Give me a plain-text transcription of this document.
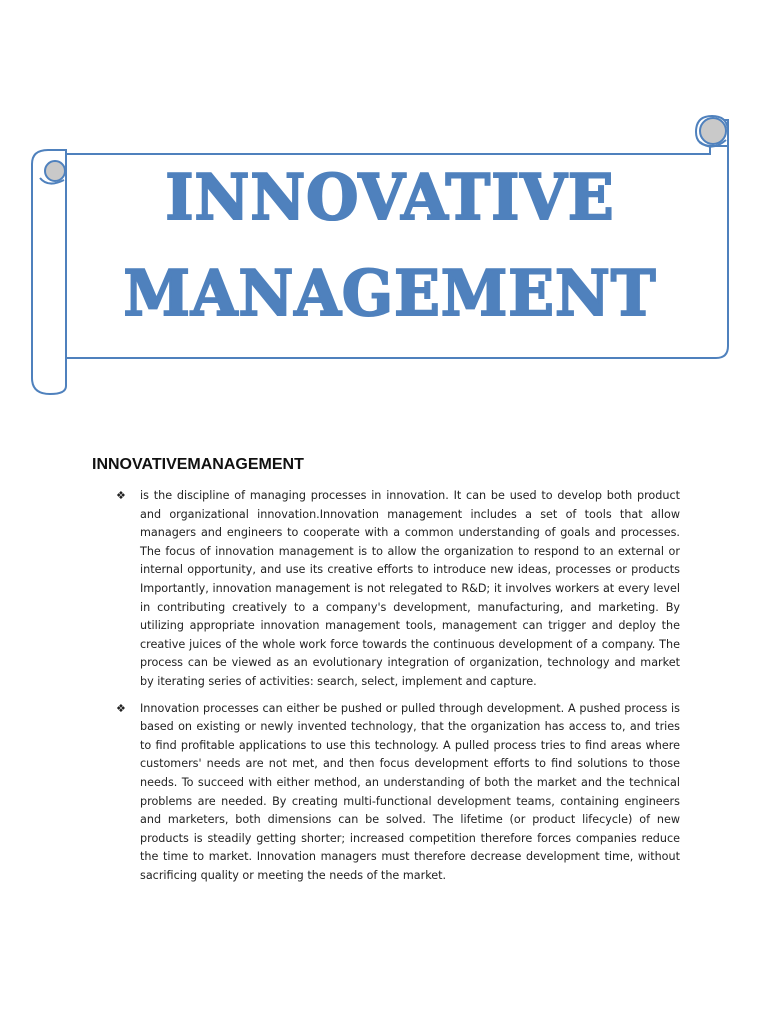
INNOVATIVE
MANAGEMENT
INNOVATIVEMANAGEMENT
❖ is the discipline of managing processes in innovation. It can be used to develop both product and organizational innovation.Innovation management includes a set of tools that allow managers and engineers to cooperate with a common understanding of goals and processes. The focus of innovation management is to allow the organization to respond to an external or internal opportunity, and use its creative efforts to introduce new ideas, processes or products Importantly, innovation management is not relegated to R&D; it involves workers at every level in contributing creatively to a company's development, manufacturing, and marketing. By utilizing appropriate innovation management tools, management can trigger and deploy the creative juices of the whole work force towards the continuous development of a company. The process can be viewed as an evolutionary integration of organization, technology and market by iterating series of activities: search, select, implement and capture.
❖ Innovation processes can either be pushed or pulled through development. A pushed process is based on existing or newly invented technology, that the organization has access to, and tries to find profitable applications to use this technology. A pulled process tries to find areas where customers' needs are not met, and then focus development efforts to find solutions to those needs. To succeed with either method, an understanding of both the market and the technical problems are needed. By creating multi-functional development teams, containing engineers and marketers, both dimensions can be solved. The lifetime (or product lifecycle) of new products is steadily getting shorter; increased competition therefore forces companies reduce the time to market. Innovation managers must therefore decrease development time, without sacrificing quality or meeting the needs of the market.
